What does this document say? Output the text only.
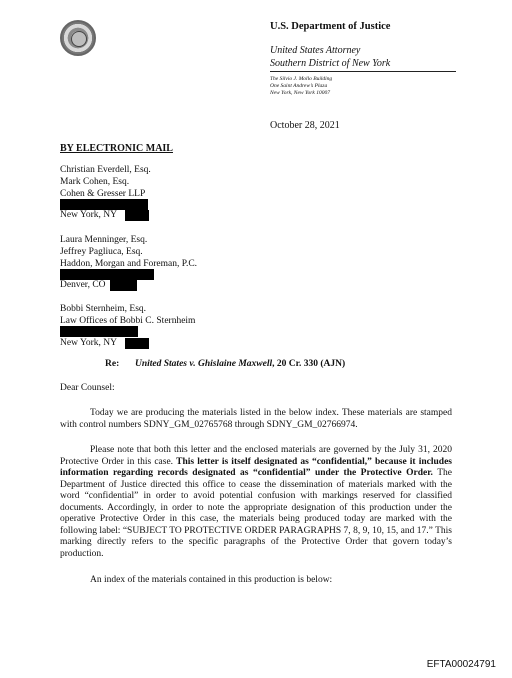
U.S. Department of Justice
United States Attorney
Southern District of New York
The Silvio J. Mollo Building
One Saint Andrew’s Plaza
New York, New York 10007
October 28, 2021
BY ELECTRONIC MAIL
Christian Everdell, Esq.
Mark Cohen, Esq.
Cohen & Gresser LLP
New York, NY
Laura Menninger, Esq.
Jeffrey Pagliuca, Esq.
Haddon, Morgan and Foreman, P.C.
Denver, CO
Bobbi Sternheim, Esq.
Law Offices of Bobbi C. Sternheim
New York, NY
Re: United States v. Ghislaine Maxwell, 20 Cr. 330 (AJN)
Dear Counsel:
Today we are producing the materials listed in the below index. These materials are stamped with control numbers SDNY_GM_02765768 through SDNY_GM_02766974.
Please note that both this letter and the enclosed materials are governed by the July 31, 2020 Protective Order in this case. This letter is itself designated as “confidential,” because it includes information regarding records designated as “confidential” under the Protective Order. The Department of Justice directed this office to cease the dissemination of materials marked with the word “confidential” in order to avoid potential confusion with markings reserved for classified documents. Accordingly, in order to note the appropriate designation of this production under the operative Protective Order in this case, the materials being produced today are marked with the following label: “SUBJECT TO PROTECTIVE ORDER PARAGRAPHS 7, 8, 9, 10, 15, and 17.” This marking directly refers to the specific paragraphs of the Protective Order that govern today’s production.
An index of the materials contained in this production is below:
EFTA00024791
